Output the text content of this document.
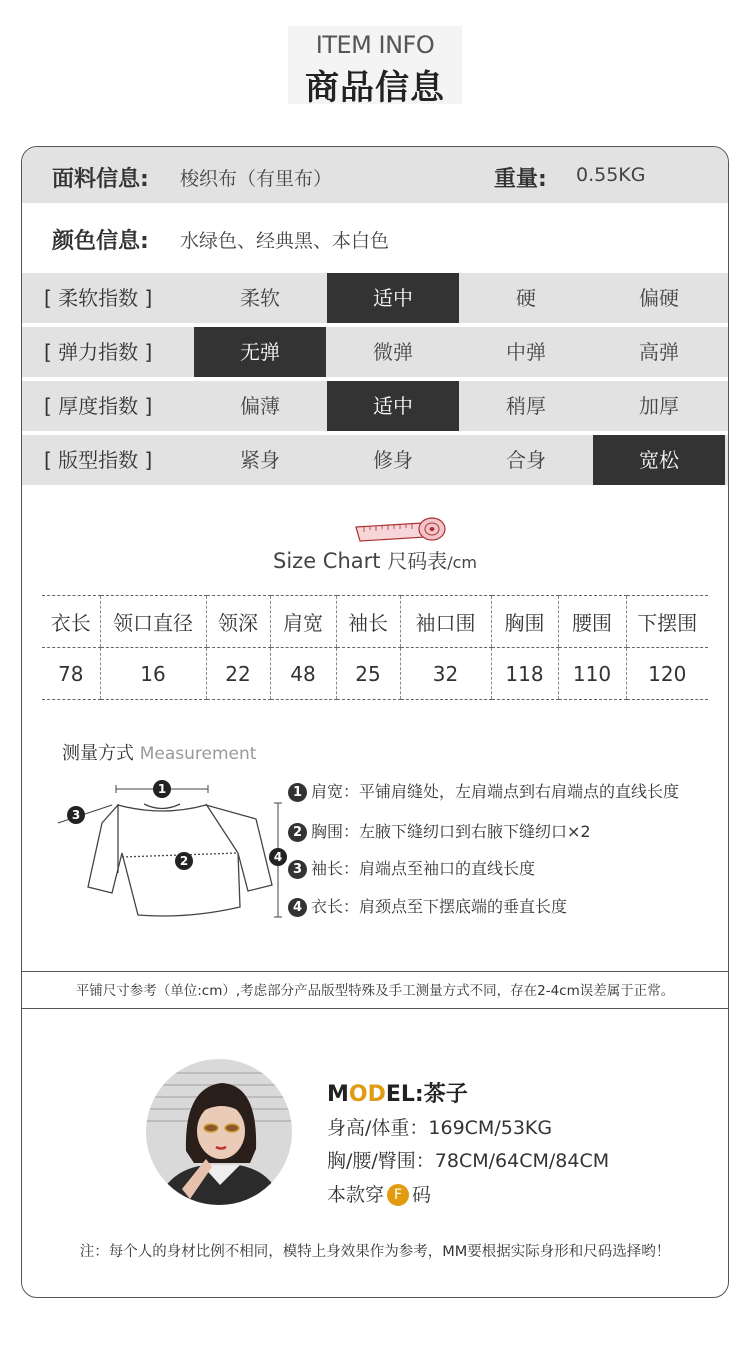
ITEM INFO
商品信息
面料信息: 梭织布（有里布）	重量: 0.55KG
颜色信息: 水绿色、经典黑、本白色
[ 柔软指数 ]	柔软	适中	硬	偏硬
[ 弹力指数 ]	无弹	微弹	中弹	高弹
[ 厚度指数 ]	偏薄	适中	稍厚	加厚
[ 版型指数 ]	紧身	修身	合身	宽松
Size Chart 尺码表/cm
衣长	领口直径	领深	肩宽	袖长	袖口围	胸围	腰围	下摆围
78	16	22	48	25	32	118	110	120
测量方式 Measurement
1
2
3
4
1 肩宽：平铺肩缝处，左肩端点到右肩端点的直线长度
2 胸围：左腋下缝纫口到右腋下缝纫口×2
3 袖长：肩端点至袖口的直线长度
4 衣长：肩颈点至下摆底端的垂直长度
平铺尺寸参考（单位:cm）,考虑部分产品版型特殊及手工测量方式不同，存在2-4cm误差属于正常。
MODEL:茶子
身高/体重：169CM/53KG
胸/腰/臀围：78CM/64CM/84CM
本款穿 F 码
注：每个人的身材比例不相同，模特上身效果作为参考，MM要根据实际身形和尺码选择哟！
